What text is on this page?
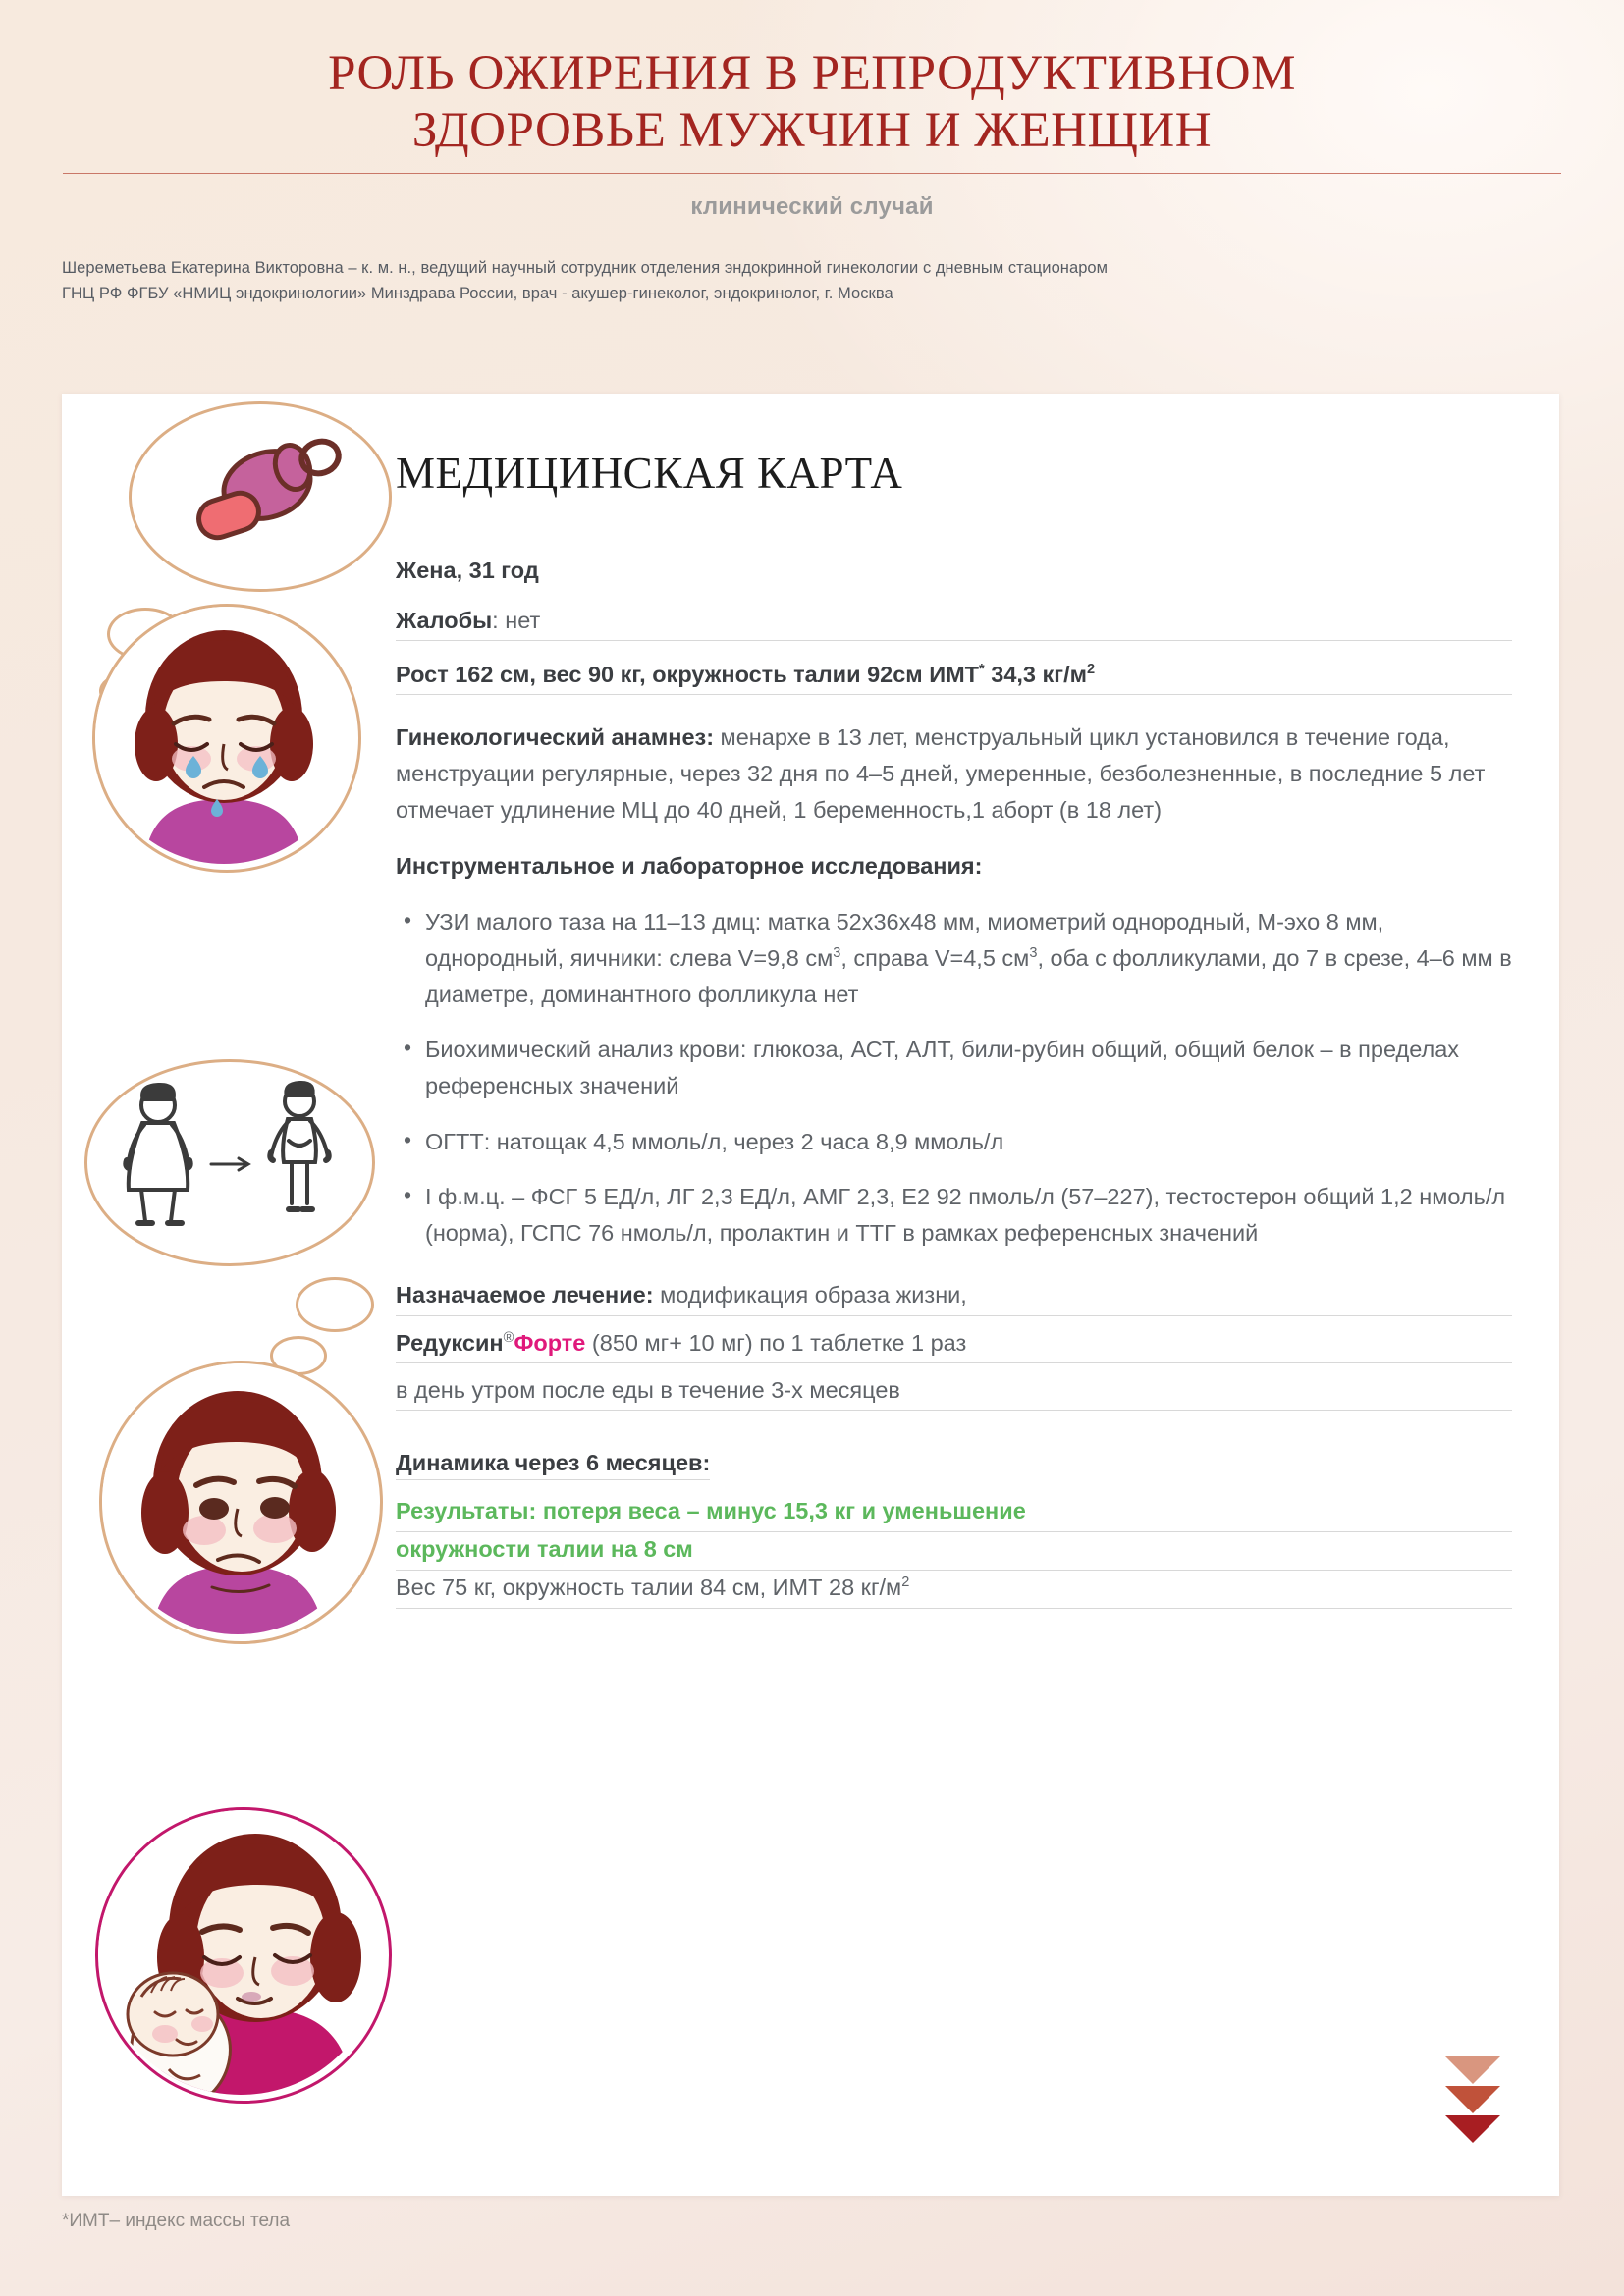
РОЛЬ ОЖИРЕНИЯ В РЕПРОДУКТИВНОМ
ЗДОРОВЬЕ МУЖЧИН И ЖЕНЩИН
клинический случай
Шереметьева Екатерина Викторовна – к. м. н., ведущий научный сотрудник отделения эндокринной гинекологии с дневным стационаром
ГНЦ РФ ФГБУ «НМИЦ эндокринологии» Минздрава России, врач - акушер-гинеколог, эндокринолог, г. Москва
МЕДИЦИНСКАЯ КАРТА
Жена, 31 год
Жалобы: нет
Рост 162 см, вес 90 кг, окружность талии 92см ИМТ* 34,3 $кг/м^2$
Гинекологический анамнез: менархе в 13 лет, менструальный цикл установился в течение года, менструации регулярные, через 32 дня по 4–5 дней, умеренные, безболезненные, в последние 5 лет отмечает удлинение МЦ до 40 дней, 1 беременность,1 аборт (в 18 лет)
Инструментальное и лабораторное исследования:
• УЗИ малого таза на 11–13 дмц: матка 52х36х48 мм, миометрий однородный, М-эхо 8 мм, однородный, яичники: слева V=9,8 $см^3$, справа V=4,5 $см^3$, оба с фолликулами, до 7 в срезе, 4–6 мм в диаметре, доминантного фолликула нет
• Биохимический анализ крови: глюкоза, АСТ, АЛТ, били-рубин общий, общий белок – в пределах референсных значений
• ОГТТ: натощак 4,5 ммоль/л, через 2 часа 8,9 ммоль/л
• I ф.м.ц. – ФСГ 5 ЕД/л, ЛГ 2,3 ЕД/л, АМГ 2,3, Е2 92 пмоль/л (57–227), тестостерон общий 1,2 нмоль/л (норма), ГСПС 76 нмоль/л, пролактин и ТТГ в рамках референсных значений
Назначаемое лечение: модификация образа жизни,
Редуксин®Форте (850 мг+ 10 мг) по 1 таблетке 1 раз
в день утром после еды в течение 3-х месяцев
Динамика через 6 месяцев:
Результаты: потеря веса – минус 15,3 кг и уменьшение
окружности талии на 8 см
Вес 75 кг, окружность талии 84 см, ИМТ 28 $кг/м^2$
*ИМТ– индекс массы тела
